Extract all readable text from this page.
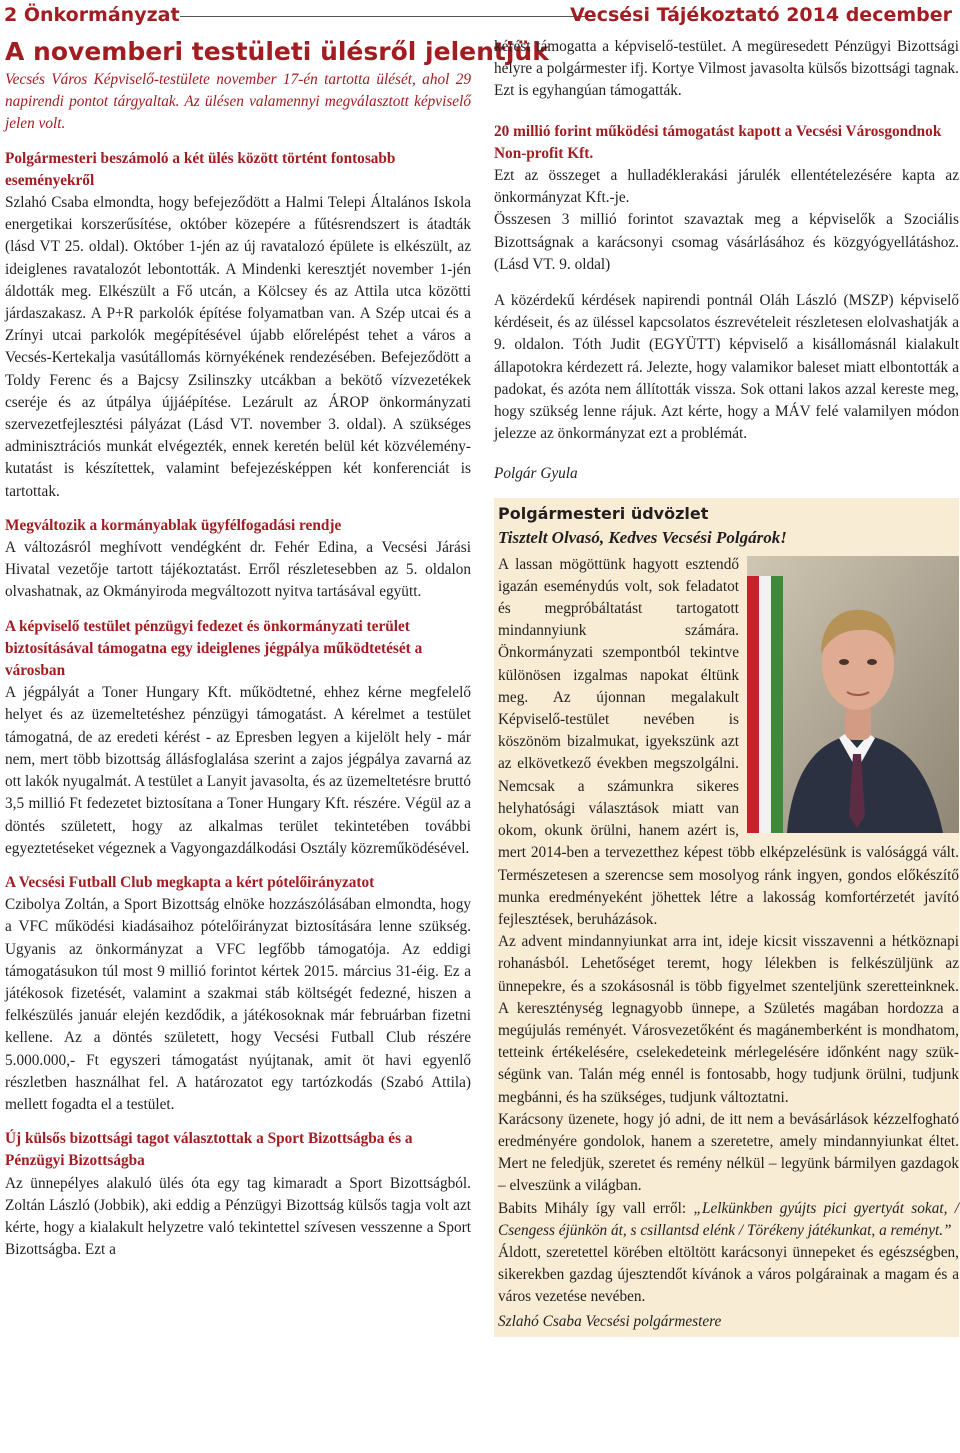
2 Önkormányzat	Vecsési Tájékoztató 2014 december
A novemberi testületi ülésről jelentjük

Vecsés Város Képviselő-testülete november 17-én tartotta ülését, ahol 29 napirendi pontot tárgyaltak. Az ülésen valamennyi megválasztott képviselő jelen volt.

Polgármesteri beszámoló a két ülés között történt fontosabb eseményekről

Szlahó Csaba elmondta, hogy befejeződött a Halmi Telepi Általános Iskola energetikai korszerűsítése, október közepére a fűtésrendszert is átadták (lásd VT 25. oldal). Október 1-jén az új ravatalozó épülete is elkészült, az ideiglenes ravatalozót lebontották. A Mindenki keresztjét november 1-jén áldották meg. Elkészült a Fő utcán, a Kölcsey és az Attila utca közötti járdaszakasz. A P+R parkolók építése folyamatban van. A Szép utcai és a Zrínyi utcai parkolók megépítésével újabb előrelépést tehet a város a Vecsés-Kertekalja vasútállomás környékének rendezésében. Befejeződött a Toldy Ferenc és a Bajcsy Zsilinszky utcákban a bekötő vízvezetékek cseréje és az útpálya újjáépítése. Lezárult az ÁROP önkormányzati szervezetfejlesztési pályázat (Lásd VT. november 3. oldal). A szükséges adminisztrációs munkát elvégezték, ennek keretén belül két közvélemény-kutatást is készítettek, valamint befejezésképpen két konferenciát is tartottak.

Megváltozik a kormányablak ügyfélfogadási rendje

A változásról meghívott vendégként dr. Fehér Edina, a Vecsési Járási Hivatal vezetője tartott tájékoztatást. Erről részletesebben az 5. oldalon olvashatnak, az Okmányiroda megváltozott nyitva tartásával együtt.

A képviselő testület pénzügyi fedezet és önkormányzati terület biztosításával támogatna egy ideiglenes jégpálya működtetését a városban

A jégpályát a Toner Hungary Kft. működtetné, ehhez kérne megfelelő helyet és az üzemeltetéshez pénzügyi támogatást. A kérelmet a testület támogatná, de az eredeti kérést - az Epresben legyen a kijelölt hely - már nem, mert több bizottság állásfoglalása szerint a zajos jégpálya zavarná az ott lakók nyugalmát. A testület a Lanyit javasolta, és az üzemeltetésre bruttó 3,5 millió Ft fedezetet biztosítana a Toner Hungary Kft. részére. Végül az a döntés született, hogy az alkalmas terület tekintetében további egyeztetéseket végeznek a Vagyongazdálkodási Osztály közreműködésével.

A Vecsési Futball Club megkapta a kért pótelőirányzatot

Czibolya Zoltán, a Sport Bizottság elnöke hozzászólásában elmondta, hogy a VFC működési kiadásaihoz pótelőirányzat biztosítására lenne szükség. Ugyanis az önkormányzat a VFC legfőbb támogatója. Az eddigi támogatásukon túl most 9 millió forintot kértek 2015. március 31-éig. Ez a játékosok fizetését, valamint a szakmai stáb költségét fedezné, hiszen a felkészülés január elején kezdődik, a játékosoknak már februárban fizetni kellene. Az a döntés született, hogy Vecsési Futball Club részére 5.000.000,- Ft egyszeri támogatást nyújtanak, amit öt havi egyenlő részletben használhat fel. A határozatot egy tartózkodás (Szabó Attila) mellett fogadta el a testület.

Új külsős bizottsági tagot választottak a Sport Bizottságba és a Pénzügyi Bizottságba

Az ünnepélyes alakuló ülés óta egy tag kimaradt a Sport Bizottságból. Zoltán László (Jobbik), aki eddig a Pénzügyi Bizottság külsős tagja volt azt kérte, hogy a kialakult helyzetre való tekintettel szívesen vesszenne a Sport Bizottságba. Ezt a

kérést támogatta a képviselő-testület. A megüresedett Pénzügyi Bizottsági helyre a polgármester ifj. Kortye Vilmost javasolta külsős bizottsági tagnak. Ezt is egyhangúan támogatták.

20 millió forint működési támogatást kapott a Vecsési Városgondnok Non-profit Kft.

Ezt az összeget a hulladéklerakási járulék ellentételezésére kapta az önkormányzat Kft.-je.

Összesen 3 millió forintot szavaztak meg a képviselők a Szociális Bizottságnak a karácsonyi csomag vásárlásához és közgyógyellátáshoz. (Lásd VT. 9. oldal)

A közérdekű kérdések napirendi pontnál Oláh László (MSZP) képviselő kérdéseit, és az üléssel kapcsolatos észrevételeit részletesen elolvashatják a 9. oldalon. Tóth Judit (EGYÜTT) képviselő a kisállomásnál kialakult állapotokra kérdezett rá. Jelezte, hogy valamikor baleset miatt elbontották a padokat, és azóta nem állították vissza. Sok ottani lakos azzal kereste meg, hogy szükség lenne rájuk. Azt kérte, hogy a MÁV felé valamilyen módon jelezze az önkormányzat ezt a problémát.

Polgár Gyula

Polgármesteri üdvözlet
Tisztelt Olvasó, Kedves Vecsési Polgárok!

A lassan mögöttünk hagyott esztendő igazán eseménydús volt, sok feladatot és megpróbáltatást tartogatott mindannyiunk számára. Önkormányzati szempontból tekintve különösen izgalmas napokat éltünk meg. Az újonnan megalakult Képviselő-testület nevében is köszönöm bizalmukat, igyekszünk azt az elkövetkező években megszolgálni. Nemcsak a számunkra sikeres helyhatósági választások miatt van okom, okunk örülni, hanem azért is, mert 2014-ben a tervezetthez képest több elképzelésünk is valósággá vált. Természetesen a szerencse sem mosolyog ránk ingyen, gondos előkészítő munka eredményeként jöhettek létre a lakosság komfortérzetét javító fejlesztések, beruházások.

Az advent mindannyiunkat arra int, ideje kicsit visszavenni a hétköznapi rohanásból. Lehetőséget teremt, hogy lélekben is felkészüljünk az ünnepekre, és a szokásosnál is több figyelmet szenteljünk szeretteinknek. A kereszténység legnagyobb ünnepe, a Születés magában hordozza a megújulás reményét. Városvezetőként és magánemberként is mondhatom, tetteink értékelésére, cselekedeteink mérlegelésére időnként nagy szükségünk van. Talán még ennél is fontosabb, hogy tudjunk örülni, tudjunk megbánni, és ha szükséges, tudjunk változtatni.

Karácsony üzenete, hogy jó adni, de itt nem a bevásárlások kézzelfogható eredményére gondolok, hanem a szeretetre, amely mindannyiunkat éltet. Mert ne feledjük, szeretet és remény nélkül – legyünk bármilyen gazdagok – elveszünk a világban.

Babits Mihály így vall erről: „Lelkünkben gyújts pici gyertyát sokat, / Csengess éjünkön át, s csillantsd elénk / Törékeny játékunkat, a reményt.”

Áldott, szeretettel körében eltöltött karácsonyi ünnepeket és egészségben, sikerekben gazdag újesztendőt kívánok a város polgárainak a magam és a város vezetése nevében.

Szlahó Csaba Vecsési polgármestere
